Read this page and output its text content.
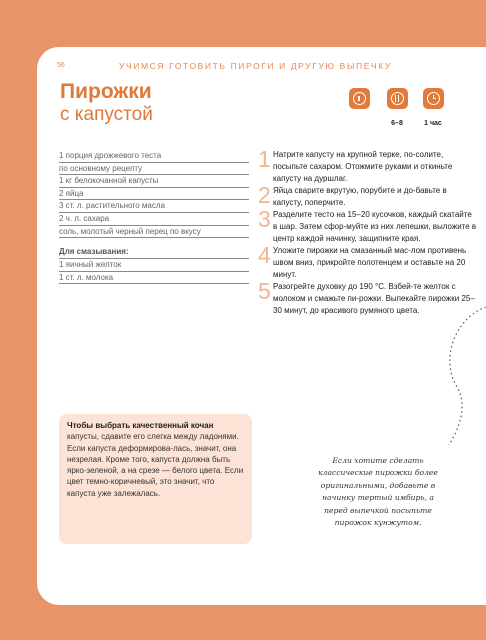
56	УЧИМСЯ ГОТОВИТЬ ПИРОГИ И ДРУГУЮ ВЫПЕЧКУ
Пирожки
с капустой	6–8	1 час
1 порция дрожжевого теста
по основному рецепту
1 кг белокочанной капусты
2 яйца
3 ст. л. растительного масла
2 ч. л. сахара
соль, молотый черный перец по вкусу
Для смазывания:
1 яичный желток
1 ст. л. молока
1 Натрите капусту на крупной терке, по-солите, посыпьте сахаром. Отожмите руками и откиньте капусту на дуршлаг.
2 Яйца сварите вкрутую, порубите и до-бавьте в капусту, поперчите.
3 Разделите тесто на 15–20 кусочков, каждый скатайте в шар. Затем сфор-муйте из них лепешки, выложите в центр каждой начинку, защипните края.
4 Уложите пирожки на смазанный мас-лом противень швом вниз, прикройте полотенцем и оставьте на 20 минут.
5 Разогрейте духовку до 190 °С. Взбей-те желток с молоком и смажьте пи-рожки. Выпекайте пирожки 25–30 минут, до красивого румяного цвета.
Чтобы выбрать качественный кочан капусты, сдавите его слегка между ладонями. Если капуста деформирова-лась, значит, она незрелая. Кроме того, капуста должна быть ярко-зеленой, а на срезе — белого цвета. Если цвет темно-коричневый, это значит, что капуста уже залежалась.
Если хотите сделать классические пирожки более оригинальными, добавьте в начинку тертый имбирь, а перед выпечкой посыпьте пирожок кунжутом.
